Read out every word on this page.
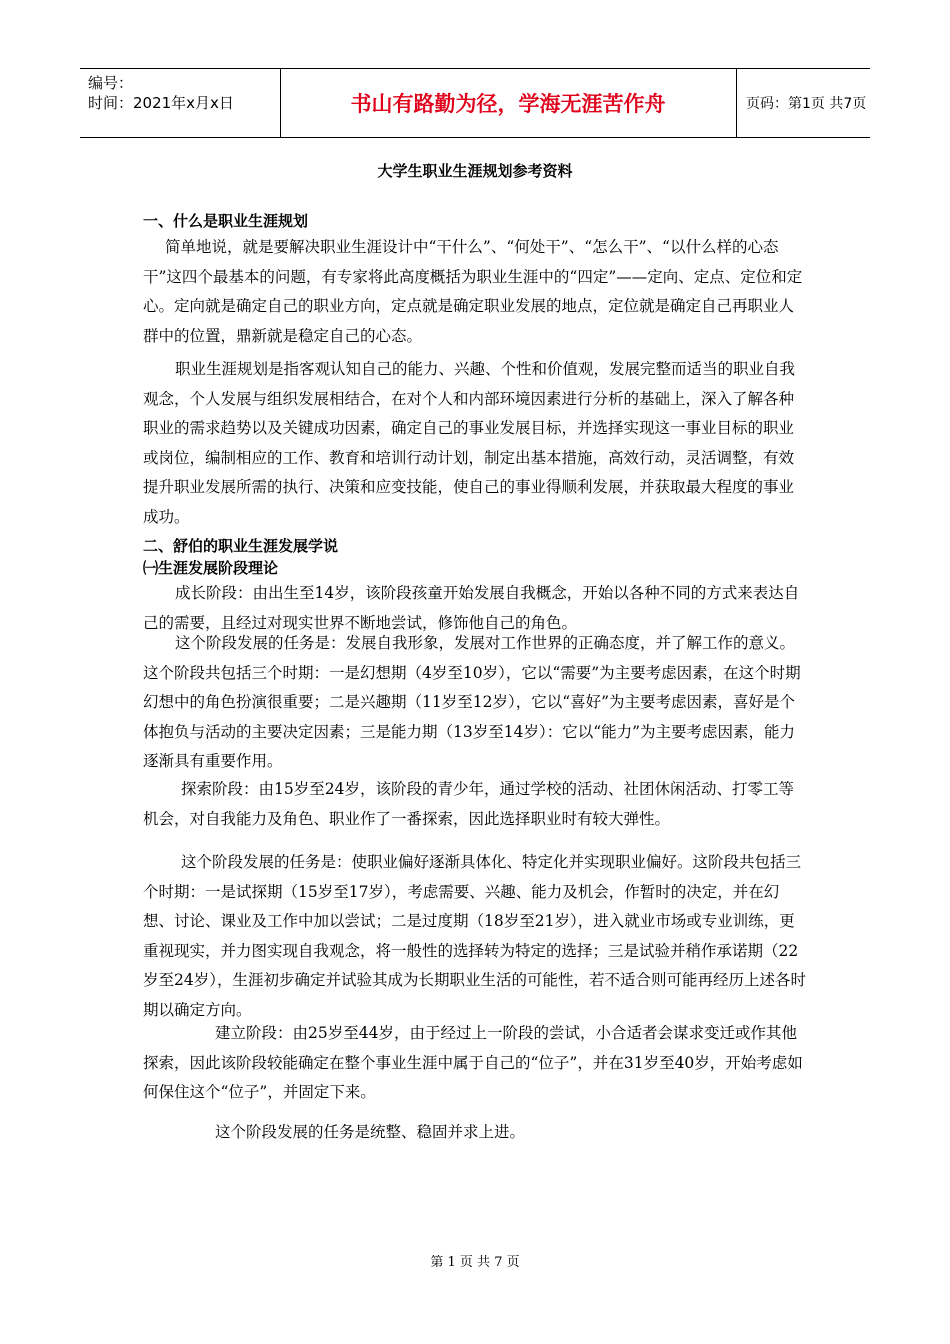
编号：
时间：2021年x月x日	书山有路勤为径，学海无涯苦作舟	页码：第1页 共7页
大学生职业生涯规划参考资料
一、什么是职业生涯规划
简单地说，就是要解决职业生涯设计中“干什么”、“何处干”、“怎么干”、“以什么样的心态干”这四个最基本的问题，有专家将此高度概括为职业生涯中的“四定”——定向、定点、定位和定心。定向就是确定自己的职业方向，定点就是确定职业发展的地点，定位就是确定自己再职业人群中的位置，鼎新就是稳定自己的心态。
职业生涯规划是指客观认知自己的能力、兴趣、个性和价值观，发展完整而适当的职业自我观念，个人发展与组织发展相结合，在对个人和内部环境因素进行分析的基础上，深入了解各种职业的需求趋势以及关键成功因素，确定自己的事业发展目标，并选择实现这一事业目标的职业或岗位，编制相应的工作、教育和培训行动计划，制定出基本措施，高效行动，灵活调整，有效提升职业发展所需的执行、决策和应变技能，使自己的事业得顺利发展，并获取最大程度的事业成功。
二、舒伯的职业生涯发展学说
㈠生涯发展阶段理论
成长阶段：由出生至14岁，该阶段孩童开始发展自我概念，开始以各种不同的方式来表达自己的需要，且经过对现实世界不断地尝试，修饰他自己的角色。
这个阶段发展的任务是：发展自我形象，发展对工作世界的正确态度，并了解工作的意义。这个阶段共包括三个时期：一是幻想期（4岁至10岁），它以“需要”为主要考虑因素，在这个时期幻想中的角色扮演很重要；二是兴趣期（11岁至12岁），它以“喜好”为主要考虑因素，喜好是个体抱负与活动的主要决定因素；三是能力期（13岁至14岁）：它以“能力”为主要考虑因素，能力逐渐具有重要作用。
探索阶段：由15岁至24岁，该阶段的青少年，通过学校的活动、社团休闲活动、打零工等机会，对自我能力及角色、职业作了一番探索，因此选择职业时有较大弹性。
这个阶段发展的任务是：使职业偏好逐渐具体化、特定化并实现职业偏好。这阶段共包括三个时期：一是试探期（15岁至17岁），考虑需要、兴趣、能力及机会，作暂时的决定，并在幻想、讨论、课业及工作中加以尝试；二是过度期（18岁至21岁），进入就业市场或专业训练，更重视现实，并力图实现自我观念，将一般性的选择转为特定的选择；三是试验并稍作承诺期（22岁至24岁），生涯初步确定并试验其成为长期职业生活的可能性，若不适合则可能再经历上述各时期以确定方向。
建立阶段：由25岁至44岁，由于经过上一阶段的尝试，小合适者会谋求变迁或作其他探索，因此该阶段较能确定在整个事业生涯中属于自己的“位子”，并在31岁至40岁，开始考虑如何保住这个“位子”，并固定下来。
这个阶段发展的任务是统整、稳固并求上进。
第 1 页 共 7 页
